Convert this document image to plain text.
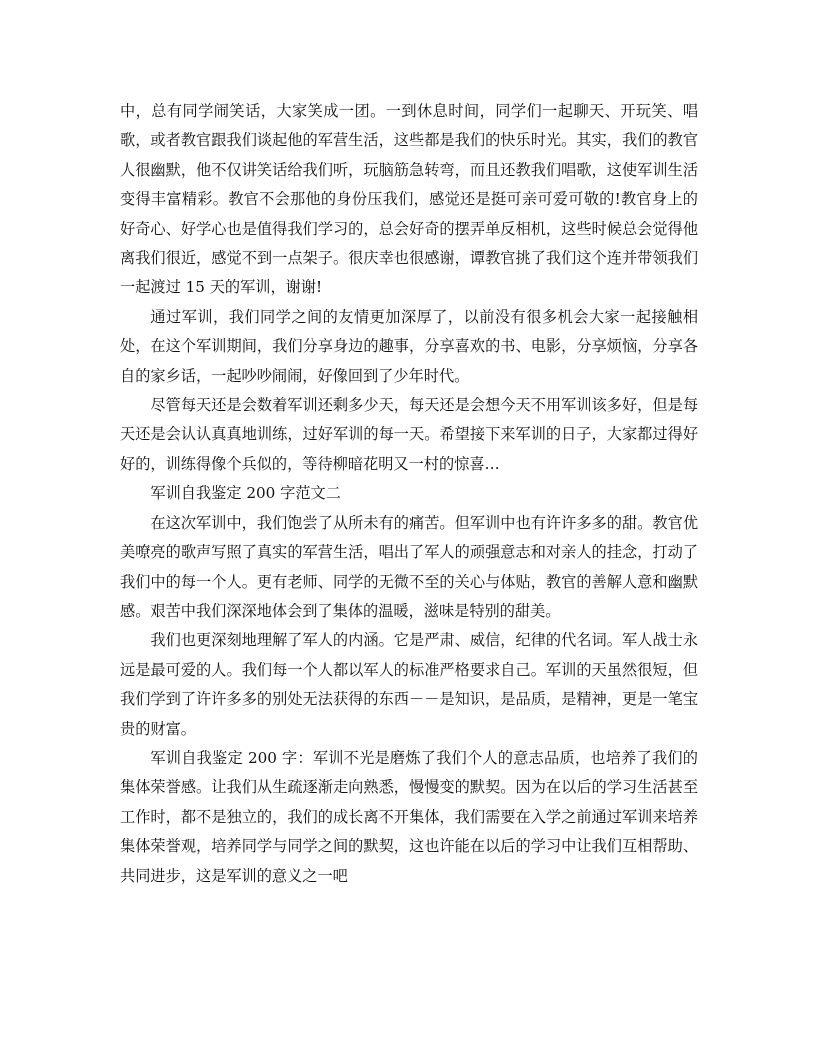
中，总有同学闹笑话，大家笑成一团。一到休息时间，同学们一起聊天、开玩笑、唱歌，或者教官跟我们谈起他的军营生活，这些都是我们的快乐时光。其实，我们的教官人很幽默，他不仅讲笑话给我们听，玩脑筋急转弯，而且还教我们唱歌，这使军训生活变得丰富精彩。教官不会那他的身份压我们，感觉还是挺可亲可爱可敬的!教官身上的好奇心、好学心也是值得我们学习的，总会好奇的摆弄单反相机，这些时候总会觉得他离我们很近，感觉不到一点架子。很庆幸也很感谢，谭教官挑了我们这个连并带领我们一起渡过 15 天的军训，谢谢!

通过军训，我们同学之间的友情更加深厚了，以前没有很多机会大家一起接触相处，在这个军训期间，我们分享身边的趣事，分享喜欢的书、电影，分享烦恼，分享各自的家乡话，一起吵吵闹闹，好像回到了少年时代。

尽管每天还是会数着军训还剩多少天，每天还是会想今天不用军训该多好，但是每天还是会认认真真地训练，过好军训的每一天。希望接下来军训的日子，大家都过得好好的，训练得像个兵似的，等待柳暗花明又一村的惊喜…

军训自我鉴定 200 字范文二

在这次军训中，我们饱尝了从所未有的痛苦。但军训中也有许许多多的甜。教官优美嘹亮的歌声写照了真实的军营生活，唱出了军人的顽强意志和对亲人的挂念，打动了我们中的每一个人。更有老师、同学的无微不至的关心与体贴，教官的善解人意和幽默感。艰苦中我们深深地体会到了集体的温暖，滋味是特别的甜美。

我们也更深刻地理解了军人的内涵。它是严肃、威信，纪律的代名词。军人战士永远是最可爱的人。我们每一个人都以军人的标准严格要求自己。军训的天虽然很短，但我们学到了许许多多的别处无法获得的东西－－是知识，是品质，是精神，更是一笔宝贵的财富。

军训自我鉴定 200 字：军训不光是磨炼了我们个人的意志品质，也培养了我们的集体荣誉感。让我们从生疏逐渐走向熟悉，慢慢变的默契。因为在以后的学习生活甚至工作时，都不是独立的，我们的成长离不开集体，我们需要在入学之前通过军训来培养集体荣誉观，培养同学与同学之间的默契，这也许能在以后的学习中让我们互相帮助、共同进步，这是军训的意义之一吧
